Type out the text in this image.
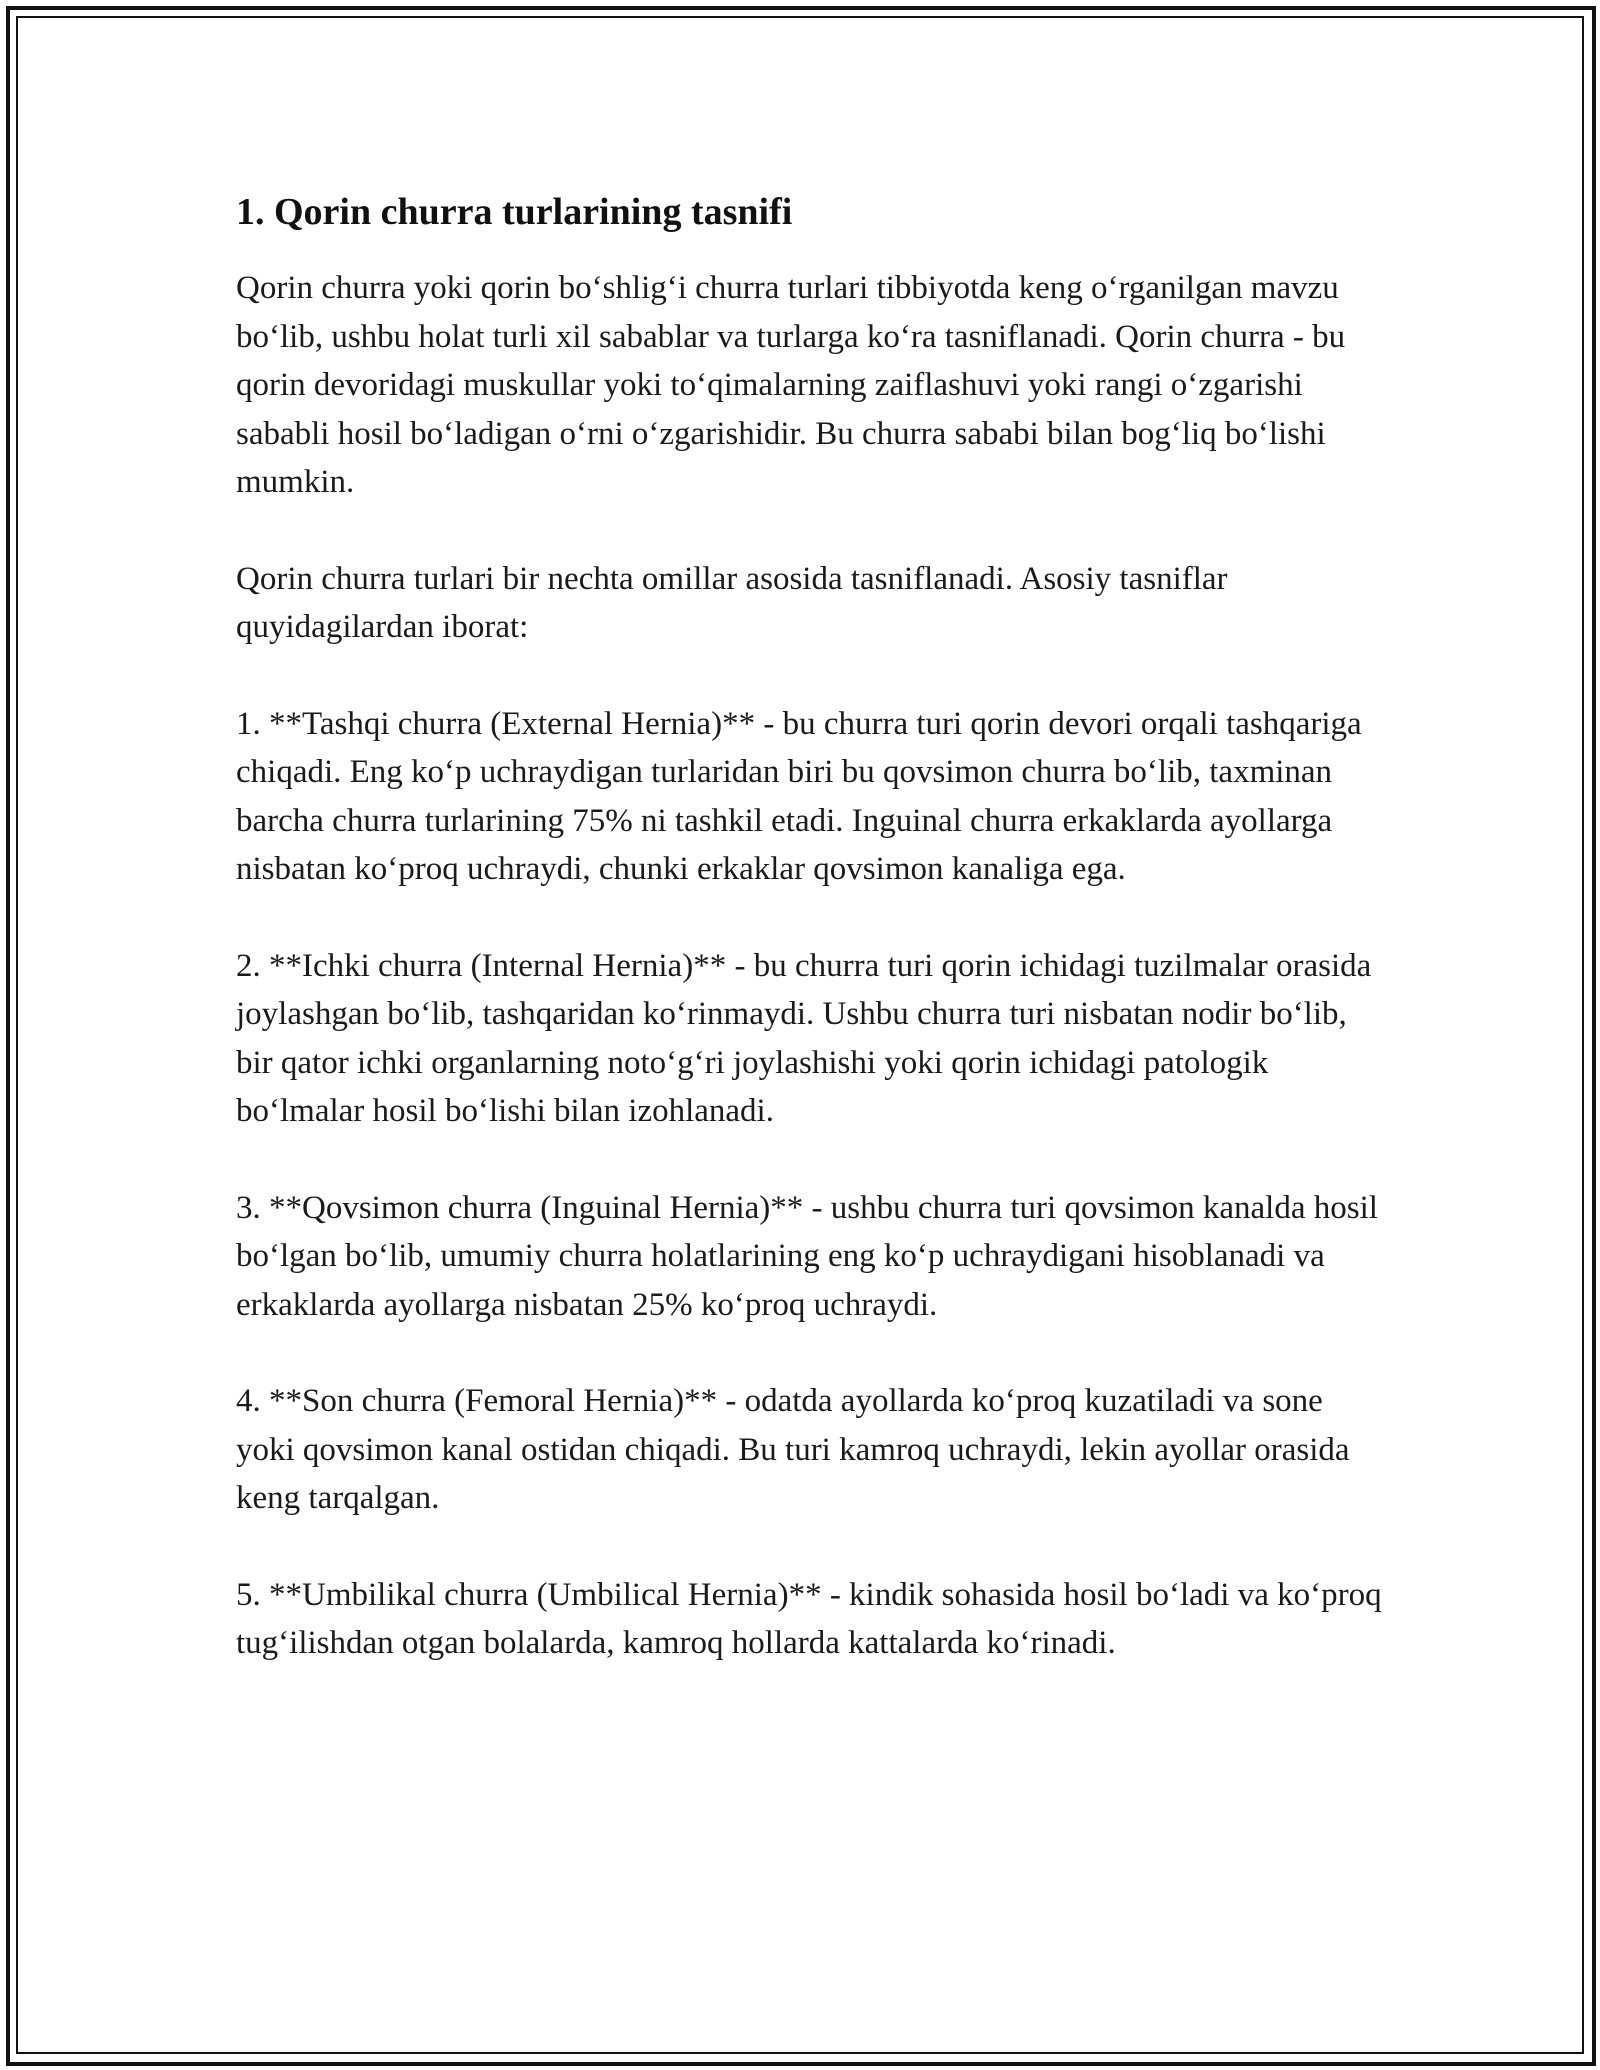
1. Qorin churra turlarining tasnifi

Qorin churra yoki qorin bo‘shlig‘i churra turlari tibbiyotda keng o‘rganilgan mavzu bo‘lib, ushbu holat turli xil sabablar va turlarga ko‘ra tasniflanadi. Qorin churra - bu qorin devoridagi muskullar yoki to‘qimalarning zaiflashuvi yoki rangi o‘zgarishi sababli hosil bo‘ladigan o‘rni o‘zgarishidir. Bu churra sababi bilan bog‘liq bo‘lishi mumkin.

Qorin churra turlari bir nechta omillar asosida tasniflanadi. Asosiy tasniflar quyidagilardan iborat:

1. **Tashqi churra (External Hernia)** - bu churra turi qorin devori orqali tashqariga chiqadi. Eng ko‘p uchraydigan turlaridan biri bu qovsimon churra bo‘lib, taxminan barcha churra turlarining 75% ni tashkil etadi. Inguinal churra erkaklarda ayollarga nisbatan ko‘proq uchraydi, chunki erkaklar qovsimon kanaliga ega.

2. **Ichki churra (Internal Hernia)** - bu churra turi qorin ichidagi tuzilmalar orasida joylashgan bo‘lib, tashqaridan ko‘rinmaydi. Ushbu churra turi nisbatan nodir bo‘lib, bir qator ichki organlarning noto‘g‘ri joylashishi yoki qorin ichidagi patologik bo‘lmalar hosil bo‘lishi bilan izohlanadi.

3. **Qovsimon churra (Inguinal Hernia)** - ushbu churra turi qovsimon kanalda hosil bo‘lgan bo‘lib, umumiy churra holatlarining eng ko‘p uchraydigani hisoblanadi va erkaklarda ayollarga nisbatan 25% ko‘proq uchraydi.

4. **Son churra (Femoral Hernia)** - odatda ayollarda ko‘proq kuzatiladi va sone yoki qovsimon kanal ostidan chiqadi. Bu turi kamroq uchraydi, lekin ayollar orasida keng tarqalgan.

5. **Umbilikal churra (Umbilical Hernia)** - kindik sohasida hosil bo‘ladi va ko‘proq tug‘ilishdan otgan bolalarda, kamroq hollarda kattalarda ko‘rinadi.
